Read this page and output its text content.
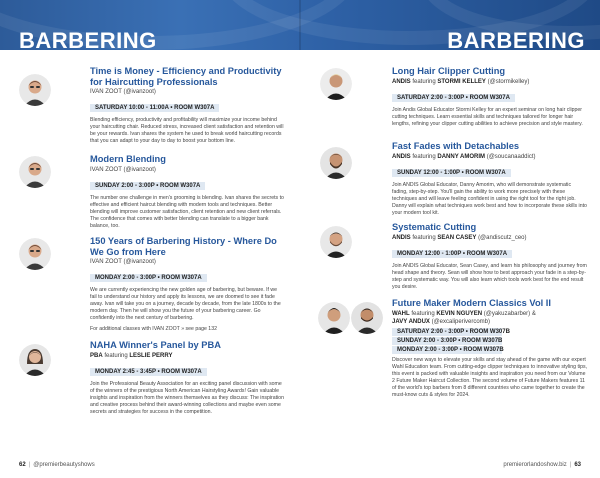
BARBERING	BARBERING
Time is Money - Efficiency and Productivity for Haircutting Professionals
IVAN ZOOT (@ivanzoot)
SATURDAY 10:00 - 11:00A • ROOM W307A
Blending efficiency, productivity and profitability will maximize your income behind your haircutting chair. Reduced stress, increased client satisfaction and retention will be your rewards. Ivan shares the system he used to break world haircutting records that you can adapt to your day to day to boost your bottom line.
Modern Blending
IVAN ZOOT (@ivanzoot)
SUNDAY 2:00 - 3:00P • ROOM W307A
The number one challenge in men's grooming is blending. Ivan shares the secrets to effective and efficient haircut blending with modern tools and techniques. Better blending will improve customer satisfaction, client retention and new client referrals. The confidence that comes with better blending can translate to a bigger bank balance, too.
150 Years of Barbering History - Where Do We Go from Here
IVAN ZOOT (@ivanzoot)
MONDAY 2:00 - 3:00P • ROOM W307A
We are currently experiencing the new golden age of barbering, but beware. If we fail to understand our history and apply its lessons, we are doomed to see it fade away. Ivan will take you on a journey, decade by decade, from the late 1800s to the modern day. Then he will show you the future of your barbering career. Go confidently into the next century of barbering.
For additional classes with IVAN ZOOT » see page 132
NAHA Winner's Panel by PBA
PBA featuring LESLIE PERRY
MONDAY 2:45 - 3:45P • ROOM W307A
Join the Professional Beauty Association for an exciting panel discussion with some of the winners of the prestigious North American Hairstyling Awards! Gain valuable insights and inspiration from the winners themselves as they discuss: The inspiration and creative process behind their award-winning collections and maybe even some secrets and strategies for success in the competition.
Long Hair Clipper Cutting
ANDIS featuring STORMI KELLEY (@stormikelley)
SATURDAY 2:00 - 3:00P • ROOM W307A
Join Andis Global Educator Stormi Kelley for an expert seminar on long hair clipper cutting techniques. Learn essential skills and techniques tailored for longer hair lengths, refining your clipper cutting abilities to achieve precision and style mastery.
Fast Fades with Detachables
ANDIS featuring DANNY AMORIM (@soucanaaddict)
SUNDAY 12:00 - 1:00P • ROOM W307A
Join ANDIS Global Educator, Danny Amorim, who will demonstrate systematic fading, step-by-step. You'll gain the ability to work more precisely with these techniques and will leave feeling confident in using the right tool for the right job. Danny will explain what techniques work best and how to incorporate these skills into your modern tool kit.
Systematic Cutting
ANDIS featuring SEAN CASEY (@andiscutz_ceo)
MONDAY 12:00 - 1:00P • ROOM W307A
Join ANDIS Global Educator, Sean Casey, and learn his philosophy and journey from head shape and theory. Sean will show how to best approach your fade in a step-by-step and systematic way. You will also learn which tools work best for the end result you desire.
Future Maker Modern Classics Vol II
WAHL featuring KEVIN NGUYEN (@yakuzabarber) &
JAVY ANDUX (@excaliperivercomb)
SATURDAY 2:00 - 3:00P • ROOM W307B
SUNDAY 2:00 - 3:00P • ROOM W307B
MONDAY 2:00 - 3:00P • ROOM W307B
Discover new ways to elevate your skills and stay ahead of the game with our expert Wahl Education team. From cutting-edge clipper techniques to innovative styling tips, this event is packed with valuable insights and inspiration you need from our Volume 2 Future Maker Haircut Collection. The second volume of Future Makers features 11 of the world's top barbers from 8 different countries who came together to create the must-know cuts & styles for 2024.
62 | @premierbeautyshows	premierorlandoshow.biz | 63
